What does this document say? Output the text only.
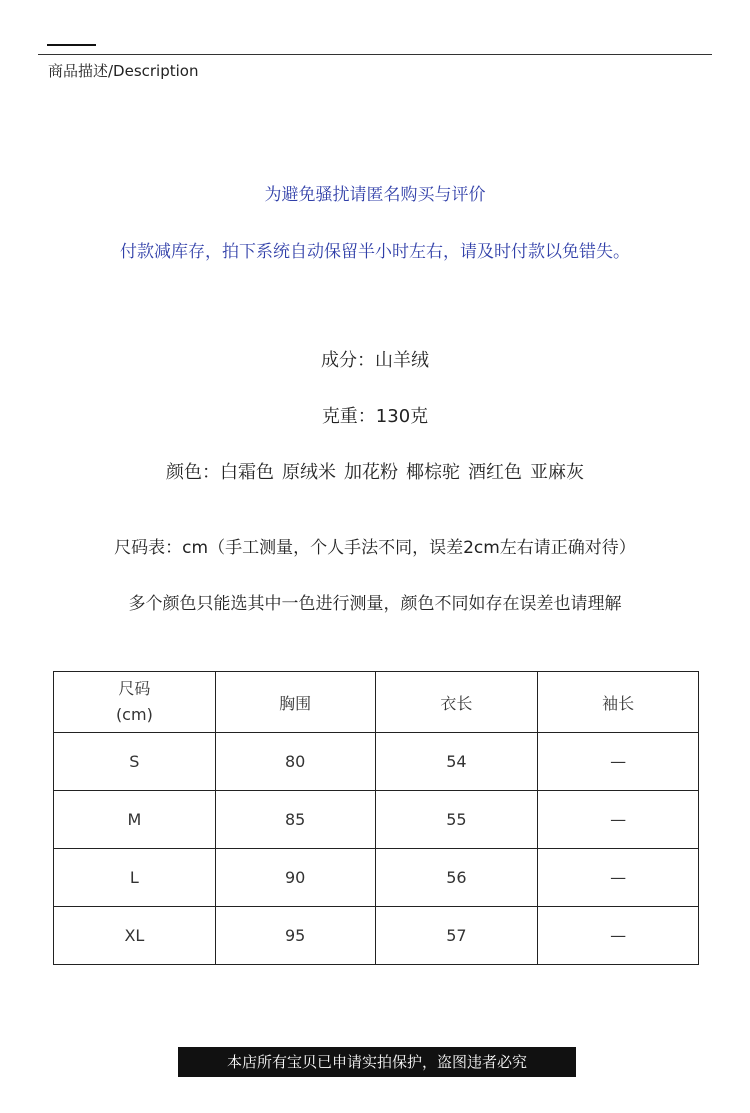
商品描述/Description
为避免骚扰请匿名购买与评价
付款减库存，拍下系统自动保留半小时左右，请及时付款以免错失。
成分：山羊绒
克重：130克
颜色：白霜色 原绒米 加花粉 椰棕驼 酒红色 亚麻灰
尺码表：cm（手工测量，个人手法不同，误差2cm左右请正确对待）
多个颜色只能选其中一色进行测量，颜色不同如存在误差也请理解
尺码
(cm)	胸围	衣长	袖长
S	80	54	—
M	85	55	—
L	90	56	—
XL	95	57	—
本店所有宝贝已申请实拍保护，盗图违者必究
